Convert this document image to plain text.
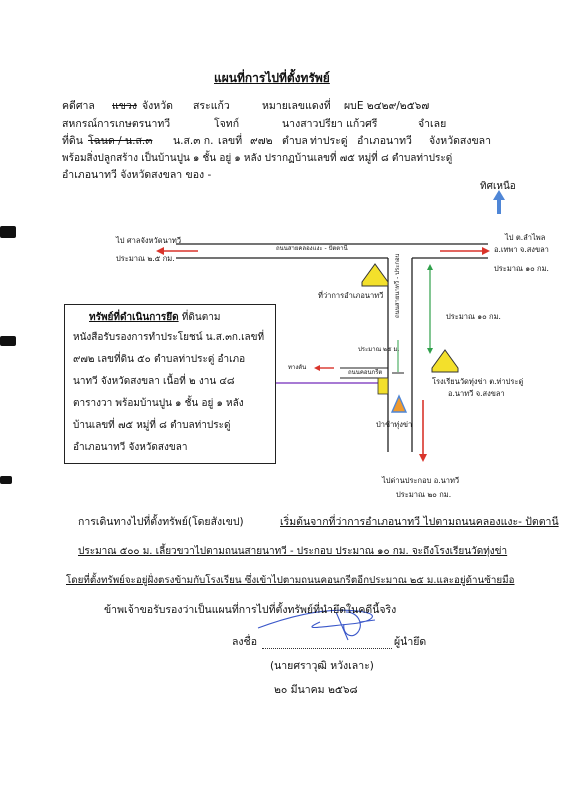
แผนที่การไปที่ตั้งทรัพย์
คดีศาล แขวง จังหวัด สระแก้ว	หมายเลขแดงที่ ผบE ๒๔๒๙/๒๕๖๗
สหกรณ์การเกษตรนาทวี	โจทก์	นางสาวปรียา แก้วศรี	จำเลย
ที่ดิน โฉนด / น.ส.๓ น.ส.๓ ก. เลขที่ ๙๗๒ ตำบล ท่าประดู่ อำเภอนาทวี จังหวัดสงขลา
พร้อมสิ่งปลูกสร้าง เป็นบ้านปูน ๑ ชั้น อยู่ ๑ หลัง ปรากฏบ้านเลขที่ ๗๕ หมู่ที่ ๘ ตำบลท่าประดู่
อำเภอนาทวี จังหวัดสงขลา ของ -
ทิศเหนือ
ไป ศาลจังหวัดนาทวี
ประมาณ ๒.๕ กม.
ถนนสายคลองแงะ - ปัตตานี
ไป ต.ลำไพล
อ.เทพา จ.สงขลา
ประมาณ ๑๐ กม.
ที่ว่าการอำเภอนาทวี
ประมาณ ๑๐ กม.
ถนนสายนาทวี - ประกอบ
ประมาณ ๒๕ ม.
ถนนคอนกรีต
ทางตัน
โรงเรียนวัดทุ่งข่า ต.ท่าประดู่
อ.นาทวี จ.สงขลา
ป่าช้าทุ่งข่า
ไปด่านประกอบ อ.นาทวี
ประมาณ ๒๐ กม.
ทรัพย์ที่ดำเนินการยึด ที่ดินตาม
หนังสือรับรองการทำประโยชน์ น.ส.๓ก.เลขที่
๙๗๒ เลขที่ดิน ๕๐ ตำบลท่าประดู่ อำเภอ
นาทวี จังหวัดสงขลา เนื้อที่ ๒ งาน ๔๘
ตารางวา พร้อมบ้านปูน ๑ ชั้น อยู่ ๑ หลัง
บ้านเลขที่ ๗๕ หมู่ที่ ๘ ตำบลท่าประดู่
อำเภอนาทวี จังหวัดสงขลา
การเดินทางไปที่ตั้งทรัพย์(โดยสังเขป)	เริ่มต้นจากที่ว่าการอำเภอนาทวี ไปตามถนนคลองแงะ- ปัตตานี
ประมาณ ๕๐๐ ม. เลี้ยวขวาไปตามถนนสายนาทวี - ประกอบ ประมาณ ๑๐ กม. จะถึงโรงเรียนวัดทุ่งข่า
โดยที่ตั้งทรัพย์จะอยู่ฝั่งตรงข้ามกับโรงเรียน ซึ่งเข้าไปตามถนนคอนกรีตอีกประมาณ ๒๕ ม.และอยู่ด้านซ้ายมือ
ข้าพเจ้าขอรับรองว่าเป็นแผนที่การไปที่ตั้งทรัพย์ที่นำยึดในคดีนี้จริง
ลงชื่อ	ผู้นำยึด
(นายศราวุฒิ หวังเลาะ)
๒๐ มีนาคม ๒๕๖๘
